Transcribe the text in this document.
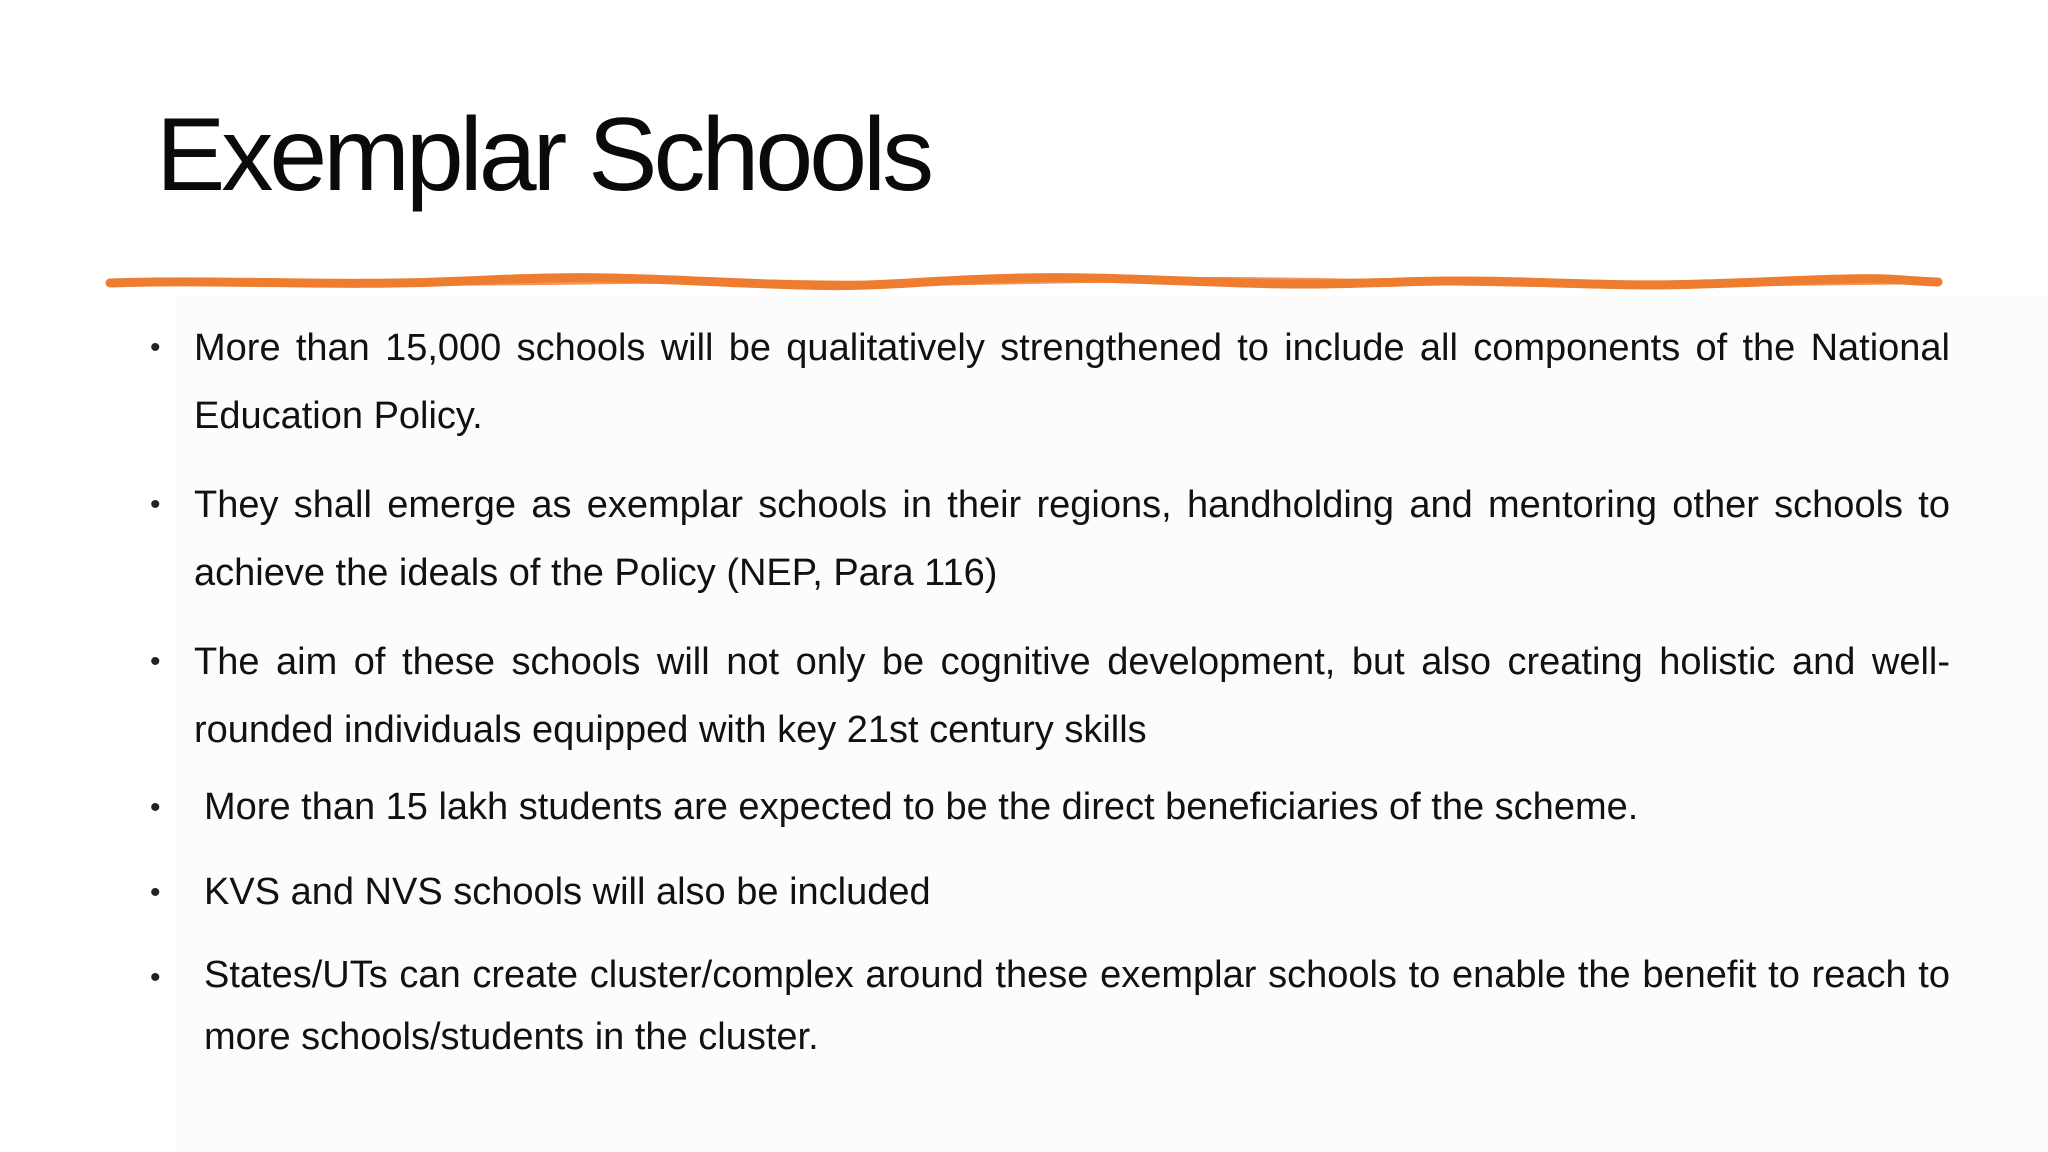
Exemplar Schools
• More than 15,000 schools will be qualitatively strengthened to include all components of the National Education Policy.
• They shall emerge as exemplar schools in their regions, handholding and mentoring other schools to achieve the ideals of the Policy (NEP, Para 116)
• The aim of these schools will not only be cognitive development, but also creating holistic and well-rounded individuals equipped with key 21st century skills
•	More than 15 lakh students are expected to be the direct beneficiaries of the scheme.
•	KVS and NVS schools will also be included
•	States/UTs can create cluster/complex around these exemplar schools to enable the benefit to reach to more schools/students in the cluster.
